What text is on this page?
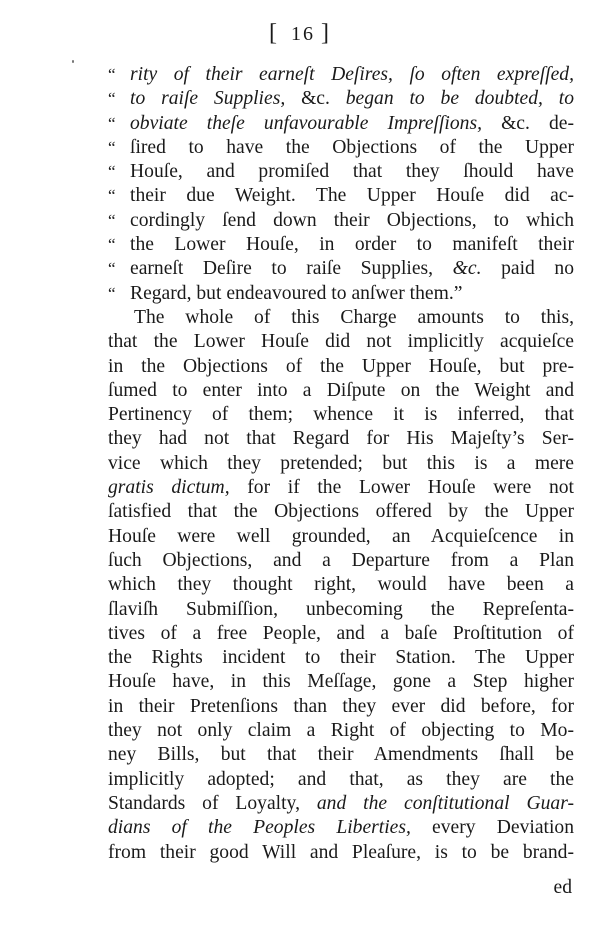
[ 16 ]
“ rity of their earneſt Deſires, ſo often expreſſed,
“ to raiſe Supplies, &c. began to be doubted, to
“ obviate theſe unfavourable Impreſſions, &c. de-
“ ſired to have the Objections of the Upper
“ Houſe, and promiſed that they ſhould have
“ their due Weight. The Upper Houſe did ac-
“ cordingly ſend down their Objections, to which
“ the Lower Houſe, in order to manifeſt their
“ earneſt Deſire to raiſe Supplies, &c. paid no
“ Regard, but endeavoured to anſwer them.”
The whole of this Charge amounts to this,
that the Lower Houſe did not implicitly acquieſce
in the Objections of the Upper Houſe, but pre-
ſumed to enter into a Diſpute on the Weight and
Pertinency of them; whence it is inferred, that
they had not that Regard for His Majeſty’s Ser-
vice which they pretended; but this is a mere
gratis dictum, for if the Lower Houſe were not
ſatisfied that the Objections offered by the Upper
Houſe were well grounded, an Acquieſcence in
ſuch Objections, and a Departure from a Plan
which they thought right, would have been a
ſlaviſh Submiſſion, unbecoming the Repreſenta-
tives of a free People, and a baſe Proſtitution of
the Rights incident to their Station. The Upper
Houſe have, in this Meſſage, gone a Step higher
in their Pretenſions than they ever did before, for
they not only claim a Right of objecting to Mo-
ney Bills, but that their Amendments ſhall be
implicitly adopted; and that, as they are the
Standards of Loyalty, and the conſtitutional Guar-
dians of the Peoples Liberties, every Deviation
from their good Will and Pleaſure, is to be brand-
ed
